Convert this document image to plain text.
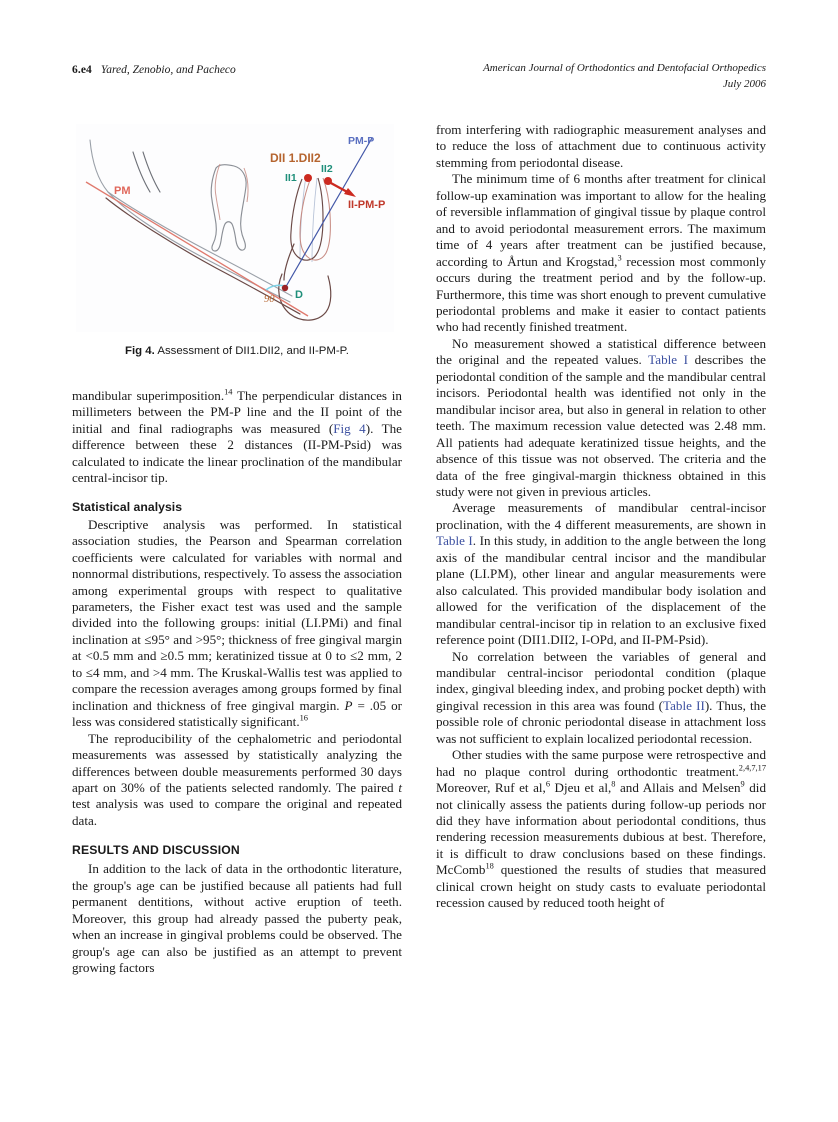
6.e4 Yared, Zenobio, and Pacheco	American Journal of Orthodontics and Dentofacial Orthopedics
July 2006
90 D
PM
PM-P
DII 1.DII2
II1
II2
II-PM-P
Fig 4. Assessment of DII1.DII2, and II-PM-P.

mandibular superimposition.$^{14}$ The perpendicular distances in millimeters between the PM-P line and the II point of the initial and final radiographs was measured (Fig 4). The difference between these 2 distances (II-PM-Psid) was calculated to indicate the linear proclination of the mandibular central-incisor tip.

Statistical analysis

Descriptive analysis was performed. In statistical association studies, the Pearson and Spearman correlation coefficients were calculated for variables with normal and nonnormal distributions, respectively. To assess the association among experimental groups with respect to qualitative parameters, the Fisher exact test was used and the sample divided into the following groups: initial (LI.PMi) and final inclination at ≤95° and >95°; thickness of free gingival margin at <0.5 mm and ≥0.5 mm; keratinized tissue at 0 to ≤2 mm, 2 to ≤4 mm, and >4 mm. The Kruskal-Wallis test was applied to compare the recession averages among groups formed by final inclination and thickness of free gingival margin. P = .05 or less was considered statistically significant.$^{16}$

The reproducibility of the cephalometric and periodontal measurements was assessed by statistically analyzing the differences between double measurements performed 30 days apart on 30% of the patients selected randomly. The paired t test analysis was used to compare the original and repeated data.

RESULTS AND DISCUSSION

In addition to the lack of data in the orthodontic literature, the group's age can be justified because all patients had full permanent dentitions, without active eruption of teeth. Moreover, this group had already passed the puberty peak, when an increase in gingival problems could be observed. The group's age can also be justified as an attempt to prevent growing factors

from interfering with radiographic measurement analyses and to reduce the loss of attachment due to continuous activity stemming from periodontal disease.

The minimum time of 6 months after treatment for clinical follow-up examination was important to allow for the healing of reversible inflammation of gingival tissue by plaque control and to avoid periodontal measurement errors. The maximum time of 4 years after treatment can be justified because, according to Årtun and Krogstad,$^3$ recession most commonly occurs during the treatment period and by the follow-up. Furthermore, this time was short enough to prevent cumulative periodontal problems and make it easier to contact patients who had recently finished treatment.

No measurement showed a statistical difference between the original and the repeated values. Table I describes the periodontal condition of the sample and the mandibular central incisors. Periodontal health was identified not only in the mandibular incisor area, but also in general in relation to other teeth. The maximum recession value detected was 2.48 mm. All patients had adequate keratinized tissue heights, and the absence of this tissue was not observed. The criteria and the data of the free gingival-margin thickness obtained in this study were not given in previous articles.

Average measurements of mandibular central-incisor proclination, with the 4 different measurements, are shown in Table I. In this study, in addition to the angle between the long axis of the mandibular central incisor and the mandibular plane (LI.PM), other linear and angular measurements were also calculated. This provided mandibular body isolation and allowed for the verification of the displacement of the mandibular central-incisor tip in relation to an exclusive fixed reference point (DII1.DII2, I-OPd, and II-PM-Psid).

No correlation between the variables of general and mandibular central-incisor periodontal condition (plaque index, gingival bleeding index, and probing pocket depth) with gingival recession in this area was found (Table II). Thus, the possible role of chronic periodontal disease in attachment loss was not sufficient to explain localized periodontal recession.

Other studies with the same purpose were retrospective and had no plaque control during orthodontic treatment.$^{2,4,7,17}$ Moreover, Ruf et al,$^6$ Djeu et al,$^8$ and Allais and Melsen$^9$ did not clinically assess the patients during follow-up periods nor did they have information about periodontal conditions, thus rendering recession measurements dubious at best. Therefore, it is difficult to draw conclusions based on these findings. McComb$^{18}$ questioned the results of studies that measured clinical crown height on study casts to evaluate periodontal recession caused by reduced tooth height of
